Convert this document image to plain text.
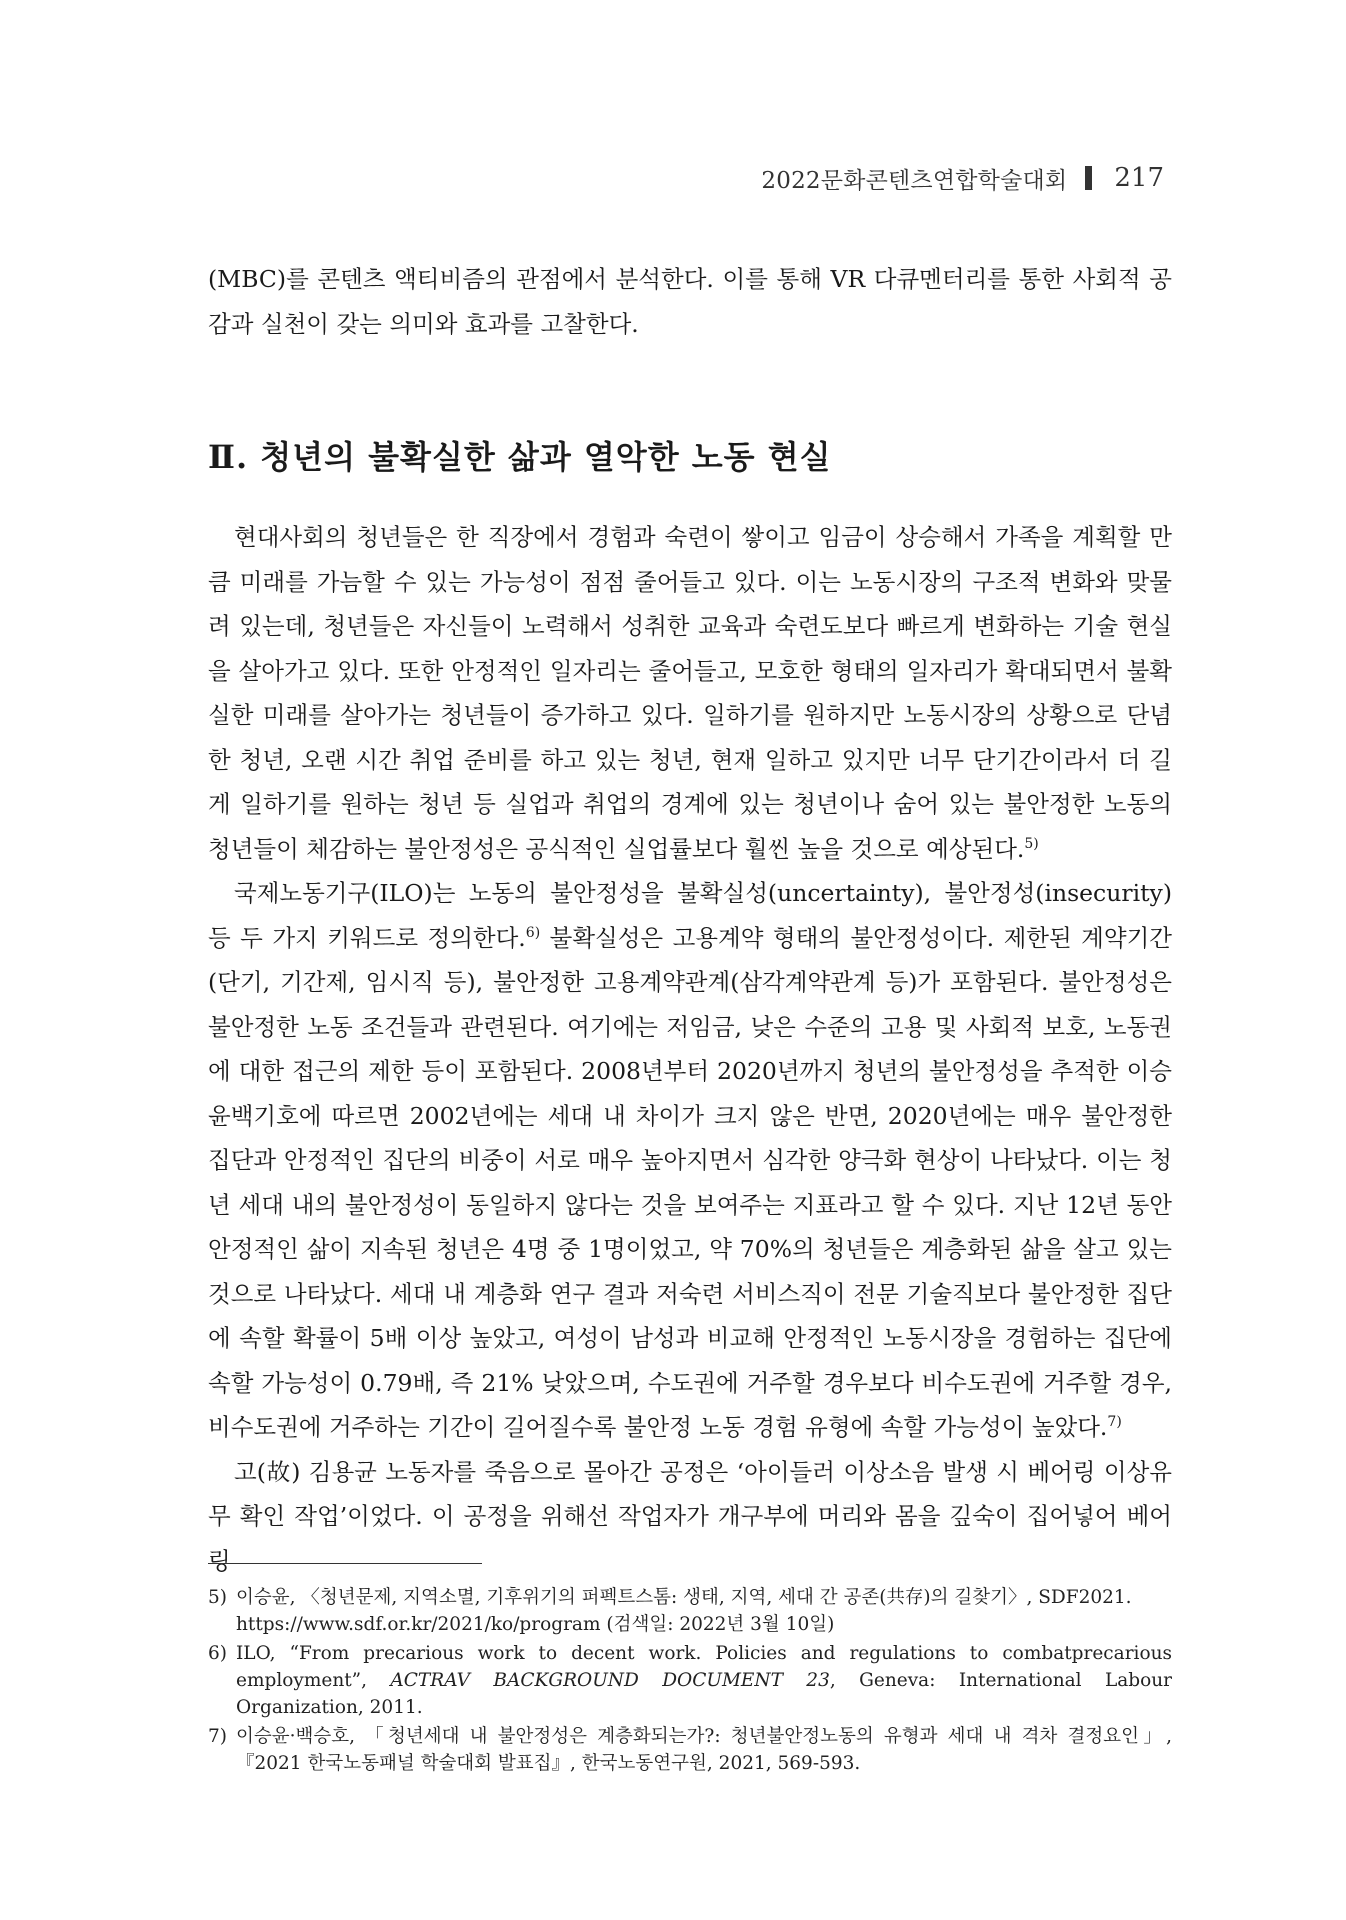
2022문화콘텐츠연합학술대회 217

(MBC)를 콘텐츠 액티비즘의 관점에서 분석한다. 이를 통해 VR 다큐멘터리를 통한 사회적 공감과 실천이 갖는 의미와 효과를 고찰한다.

Ⅱ. 청년의 불확실한 삶과 열악한 노동 현실

현대사회의 청년들은 한 직장에서 경험과 숙련이 쌓이고 임금이 상승해서 가족을 계획할 만큼 미래를 가늠할 수 있는 가능성이 점점 줄어들고 있다. 이는 노동시장의 구조적 변화와 맞물려 있는데, 청년들은 자신들이 노력해서 성취한 교육과 숙련도보다 빠르게 변화하는 기술 현실을 살아가고 있다. 또한 안정적인 일자리는 줄어들고, 모호한 형태의 일자리가 확대되면서 불확실한 미래를 살아가는 청년들이 증가하고 있다. 일하기를 원하지만 노동시장의 상황으로 단념한 청년, 오랜 시간 취업 준비를 하고 있는 청년, 현재 일하고 있지만 너무 단기간이라서 더 길게 일하기를 원하는 청년 등 실업과 취업의 경계에 있는 청년이나 숨어 있는 불안정한 노동의 청년들이 체감하는 불안정성은 공식적인 실업률보다 훨씬 높을 것으로 예상된다.$^{5)}$

국제노동기구(ILO)는 노동의 불안정성을 불확실성(uncertainty), 불안정성(insecurity) 등 두 가지 키워드로 정의한다.$^{6)}$ 불확실성은 고용계약 형태의 불안정성이다. 제한된 계약기간(단기, 기간제, 임시직 등), 불안정한 고용계약관계(삼각계약관계 등)가 포함된다. 불안정성은 불안정한 노동 조건들과 관련된다. 여기에는 저임금, 낮은 수준의 고용 및 사회적 보호, 노동권에 대한 접근의 제한 등이 포함된다. 2008년부터 2020년까지 청년의 불안정성을 추적한 이승윤백기호에 따르면 2002년에는 세대 내 차이가 크지 않은 반면, 2020년에는 매우 불안정한 집단과 안정적인 집단의 비중이 서로 매우 높아지면서 심각한 양극화 현상이 나타났다. 이는 청년 세대 내의 불안정성이 동일하지 않다는 것을 보여주는 지표라고 할 수 있다. 지난 12년 동안 안정적인 삶이 지속된 청년은 4명 중 1명이었고, 약 70%의 청년들은 계층화된 삶을 살고 있는 것으로 나타났다. 세대 내 계층화 연구 결과 저숙련 서비스직이 전문 기술직보다 불안정한 집단에 속할 확률이 5배 이상 높았고, 여성이 남성과 비교해 안정적인 노동시장을 경험하는 집단에 속할 가능성이 0.79배, 즉 21% 낮았으며, 수도권에 거주할 경우보다 비수도권에 거주할 경우, 비수도권에 거주하는 기간이 길어질수록 불안정 노동 경험 유형에 속할 가능성이 높았다.$^{7)}$

고(故) 김용균 노동자를 죽음으로 몰아간 공정은 ‘아이들러 이상소음 발생 시 베어링 이상유무 확인 작업’이었다. 이 공정을 위해선 작업자가 개구부에 머리와 몸을 깊숙이 집어넣어 베어링

5) 이승윤, 〈청년문제, 지역소멸, 기후위기의 퍼펙트스톰: 생태, 지역, 세대 간 공존(共存)의 길찾기〉, SDF2021.
https://www.sdf.or.kr/2021/ko/program (검색일: 2022년 3월 10일)
6) ILO, “From precarious work to decent work. Policies and regulations to combatprecarious employment”, ACTRAV BACKGROUND DOCUMENT 23, Geneva: International Labour Organization, 2011.
7) 이승윤·백승호, 「청년세대 내 불안정성은 계층화되는가?: 청년불안정노동의 유형과 세대 내 격차 결정요인」,
『2021 한국노동패널 학술대회 발표집』, 한국노동연구원, 2021, 569-593.
